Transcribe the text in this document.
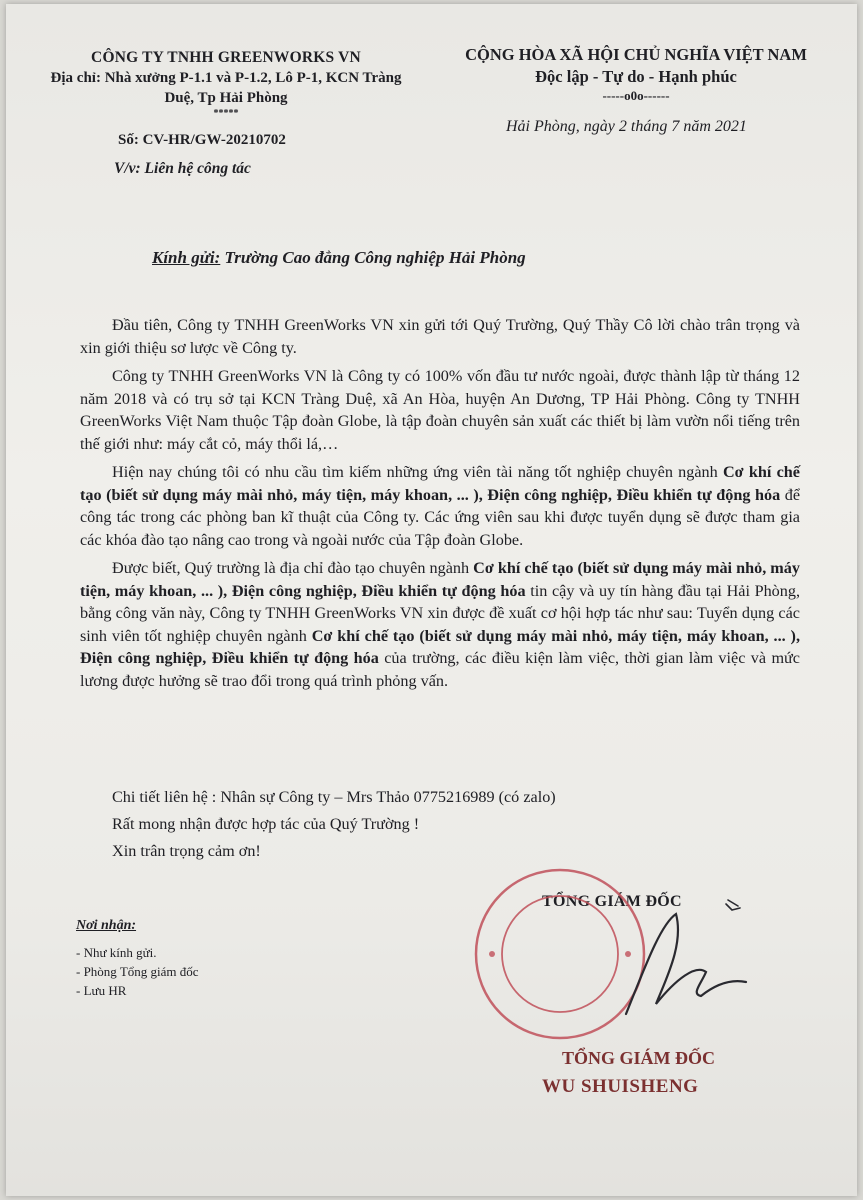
CÔNG TY TNHH GREENWORKS VN
Địa chỉ: Nhà xưởng P-1.1 và P-1.2, Lô P-1, KCN Tràng
Duệ, Tp Hải Phòng
*****
CỘNG HÒA XÃ HỘI CHỦ NGHĨA VIỆT NAM
Độc lập - Tự do - Hạnh phúc
-----o0o------
Hải Phòng, ngày 2 tháng 7 năm 2021
Số: CV-HR/GW-20210702
V/v: Liên hệ công tác
Kính gửi: Trường Cao đẳng Công nghiệp Hải Phòng

Đầu tiên, Công ty TNHH GreenWorks VN xin gửi tới Quý Trường, Quý Thầy Cô lời chào trân trọng và xin giới thiệu sơ lược về Công ty.

Công ty TNHH GreenWorks VN là Công ty có 100% vốn đầu tư nước ngoài, được thành lập từ tháng 12 năm 2018 và có trụ sở tại KCN Tràng Duệ, xã An Hòa, huyện An Dương, TP Hải Phòng. Công ty TNHH GreenWorks Việt Nam thuộc Tập đoàn Globe, là tập đoàn chuyên sản xuất các thiết bị làm vườn nổi tiếng trên thế giới như: máy cắt cỏ, máy thổi lá,…

Hiện nay chúng tôi có nhu cầu tìm kiếm những ứng viên tài năng tốt nghiệp chuyên ngành Cơ khí chế tạo (biết sử dụng máy mài nhỏ, máy tiện, máy khoan, ... ), Điện công nghiệp, Điều khiển tự động hóa để công tác trong các phòng ban kĩ thuật của Công ty. Các ứng viên sau khi được tuyển dụng sẽ được tham gia các khóa đào tạo nâng cao trong và ngoài nước của Tập đoàn Globe.

Được biết, Quý trường là địa chỉ đào tạo chuyên ngành Cơ khí chế tạo (biết sử dụng máy mài nhỏ, máy tiện, máy khoan, ... ), Điện công nghiệp, Điều khiển tự động hóa tin cậy và uy tín hàng đầu tại Hải Phòng, bằng công văn này, Công ty TNHH GreenWorks VN xin được đề xuất cơ hội hợp tác như sau: Tuyển dụng các sinh viên tốt nghiệp chuyên ngành Cơ khí chế tạo (biết sử dụng máy mài nhỏ, máy tiện, máy khoan, ... ), Điện công nghiệp, Điều khiển tự động hóa của trường, các điều kiện làm việc, thời gian làm việc và mức lương được hưởng sẽ trao đổi trong quá trình phỏng vấn.

Chi tiết liên hệ : Nhân sự Công ty – Mrs Thảo 0775216989 (có zalo)
Rất mong nhận được hợp tác của Quý Trường !
Xin trân trọng cảm ơn!
Nơi nhận:
- Như kính gửi.
- Phòng Tổng giám đốc
- Lưu HR
TỔNG GIÁM ĐỐC
TỔNG GIÁM ĐỐC
WU SHUISHENG
